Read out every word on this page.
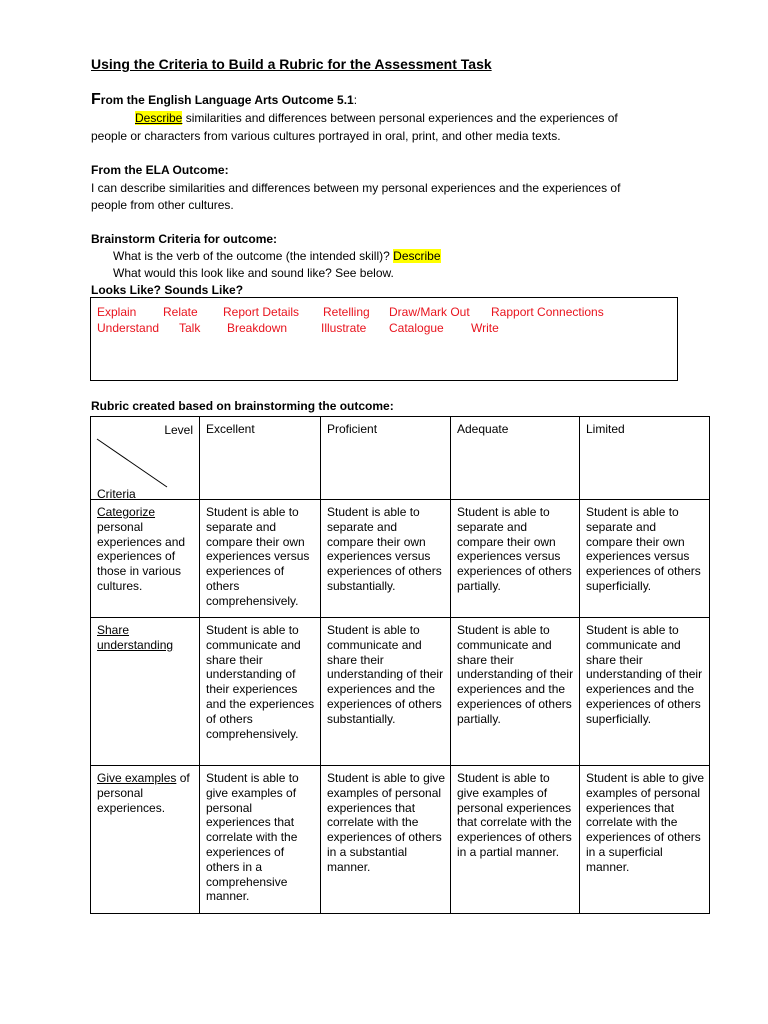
Using the Criteria to Build a Rubric for the Assessment Task
From the English Language Arts Outcome 5.1:
Describe similarities and differences between personal experiences and the experiences of
people or characters from various cultures portrayed in oral, print, and other media texts.
From the ELA Outcome:
I can describe similarities and differences between my personal experiences and the experiences of
people from other cultures.
Brainstorm Criteria for outcome:
What is the verb of the outcome (the intended skill)? Describe
What would this look like and sound like? See below.
Looks Like? Sounds Like?
Explain Relate Report Details Retelling Draw/Mark Out Rapport Connections
Understand Talk Breakdown	Illustrate Catalogue Write
Rubric created based on brainstorming the outcome:
Level
Criteria	Excellent	Proficient	Adequate	Limited
Categorize personal experiences and experiences of those in various cultures.	Student is able to separate and compare their own experiences versus experiences of others comprehensively.	Student is able to separate and compare their own experiences versus experiences of others substantially.	Student is able to separate and compare their own experiences versus experiences of others partially.	Student is able to separate and compare their own experiences versus experiences of others superficially.
Share understanding	Student is able to communicate and share their understanding of their experiences and the experiences of others comprehensively.	Student is able to communicate and share their understanding of their experiences and the experiences of others substantially.	Student is able to communicate and share their understanding of their experiences and the experiences of others partially.	Student is able to communicate and share their understanding of their experiences and the experiences of others superficially.
Give examples of personal experiences.	Student is able to give examples of personal experiences that correlate with the experiences of others in a comprehensive manner.	Student is able to give examples of personal experiences that correlate with the experiences of others in a substantial manner.	Student is able to give examples of personal experiences that correlate with the experiences of others in a partial manner.	Student is able to give examples of personal experiences that correlate with the experiences of others in a superficial manner.
